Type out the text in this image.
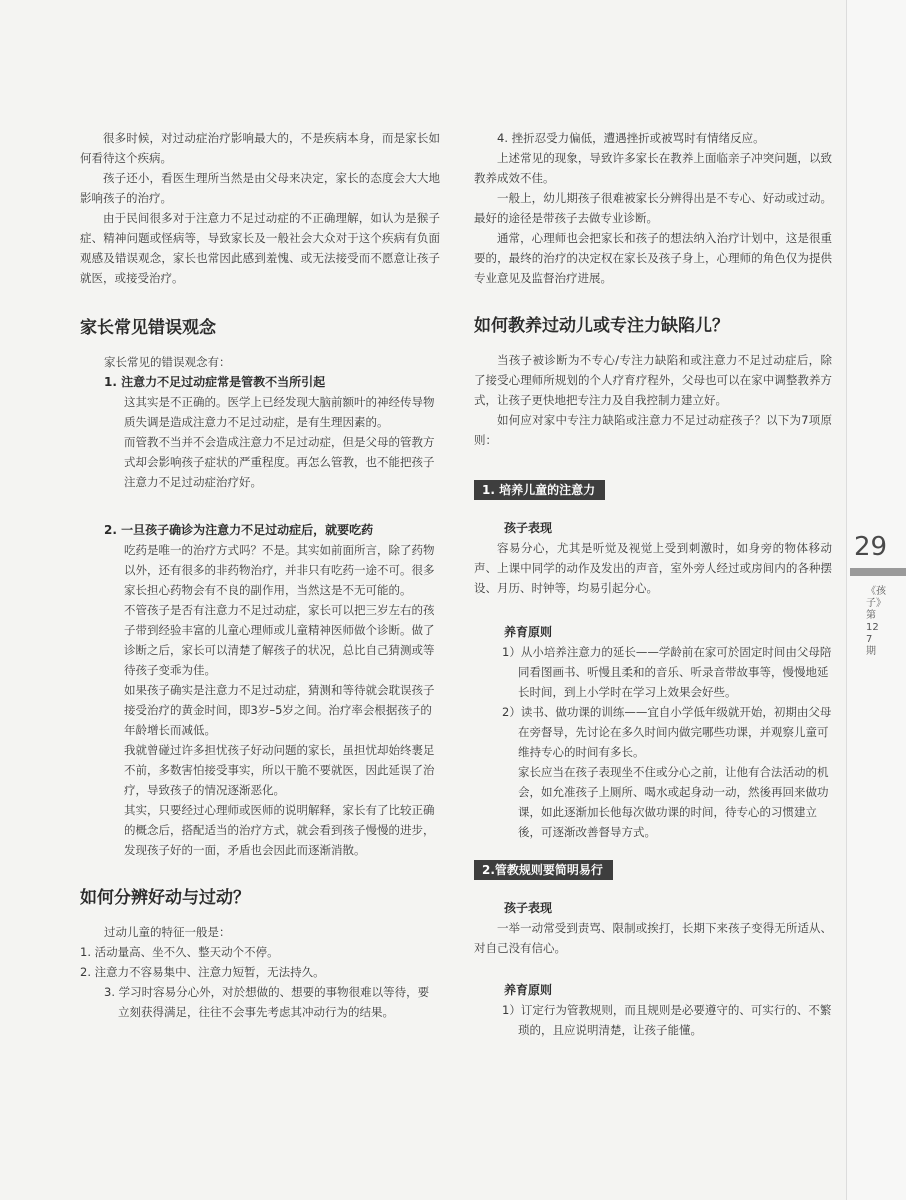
很多时候，对过动症治疗影响最大的，不是疾病本身，而是家长如何看待这个疾病。

孩子还小，看医生理所当然是由父母来决定，家长的态度会大大地影响孩子的治疗。

由于民间很多对于注意力不足过动症的不正确理解，如认为是猴子症、精神问题或怪病等，导致家长及一般社会大众对于这个疾病有负面观感及错误观念，家长也常因此感到羞愧、或无法接受而不愿意让孩子就医，或接受治疗。

家长常见错误观念

家长常见的错误观念有：

1. 注意力不足过动症常是管教不当所引起

这其实是不正确的。医学上已经发现大脑前额叶的神经传导物质失调是造成注意力不足过动症，是有生理因素的。

而管教不当并不会造成注意力不足过动症，但是父母的管教方式却会影响孩子症状的严重程度。再怎么管教，也不能把孩子注意力不足过动症治疗好。

2. 一旦孩子确诊为注意力不足过动症后，就要吃药

吃药是唯一的治疗方式吗？不是。其实如前面所言，除了药物以外，还有很多的非药物治疗，并非只有吃药一途不可。很多家长担心药物会有不良的副作用，当然这是不无可能的。

不管孩子是否有注意力不足过动症，家长可以把三岁左右的孩子带到经验丰富的儿童心理师或儿童精神医师做个诊断。做了诊断之后，家长可以清楚了解孩子的状况，总比自己猜测或等待孩子变乖为佳。

如果孩子确实是注意力不足过动症，猜测和等待就会耽误孩子接受治疗的黄金时间，即3岁–5岁之间。治疗率会根据孩子的年龄增长而减低。

我就曾碰过许多担忧孩子好动问题的家长，虽担忧却始终裹足不前，多数害怕接受事实，所以干脆不要就医，因此延误了治疗，导致孩子的情况逐渐恶化。

其实，只要经过心理师或医师的说明解释，家长有了比较正确的概念后，搭配适当的治疗方式，就会看到孩子慢慢的进步，发现孩子好的一面，矛盾也会因此而逐渐消散。

如何分辨好动与过动？

过动儿童的特征一般是：

1. 活动量高、坐不久、整天动个不停。

2. 注意力不容易集中、注意力短暂，无法持久。

3. 学习时容易分心外，对於想做的、想要的事物很难以等待，要立刻获得满足，往往不会事先考虑其冲动行为的结果。

4. 挫折忍受力偏低，遭遇挫折或被骂时有情绪反应。

上述常见的现象，导致许多家长在教养上面临亲子冲突问题，以致教养成效不佳。

一般上，幼儿期孩子很难被家长分辨得出是不专心、好动或过动。最好的途径是带孩子去做专业诊断。

通常，心理师也会把家长和孩子的想法纳入治疗计划中，这是很重要的，最终的治疗的决定权在家长及孩子身上，心理师的角色仅为提供专业意见及监督治疗进展。

如何教养过动儿或专注力缺陷儿？

当孩子被诊断为不专心/专注力缺陷和或注意力不足过动症后，除了接受心理师所规划的个人疗育疗程外，父母也可以在家中调整教养方式，让孩子更快地把专注力及自我控制力建立好。

如何应对家中专注力缺陷或注意力不足过动症孩子？以下为7项原则：

1. 培养儿童的注意力

孩子表现

容易分心，尤其是听觉及视觉上受到刺激时，如身旁的物体移动声、上课中同学的动作及发出的声音，室外旁人经过或房间内的各种摆设、月历、时钟等，均易引起分心。

养育原则

1）从小培养注意力的延长——学龄前在家可於固定时间由父母陪同看图画书、听慢且柔和的音乐、听录音带故事等，慢慢地延长时间，到上小学时在学习上效果会好些。

2）读书、做功课的训练——宜自小学低年级就开始，初期由父母在旁督导，先讨论在多久时间内做完哪些功课，并观察儿童可维持专心的时间有多长。

家长应当在孩子表现坐不住或分心之前，让他有合法活动的机会，如允准孩子上厕所、喝水或起身动一动，然後再回来做功课，如此逐渐加长他每次做功课的时间，待专心的习惯建立後，可逐渐改善督导方式。

2.管教规则要简明易行

孩子表现

一举一动常受到责骂、限制或挨打，长期下来孩子变得无所适从、对自己没有信心。

养育原则

1）订定行为管教规则，而且规则是必要遵守的、可实行的、不繁琐的，且应说明清楚，让孩子能懂。

29
《孩子》第127期
